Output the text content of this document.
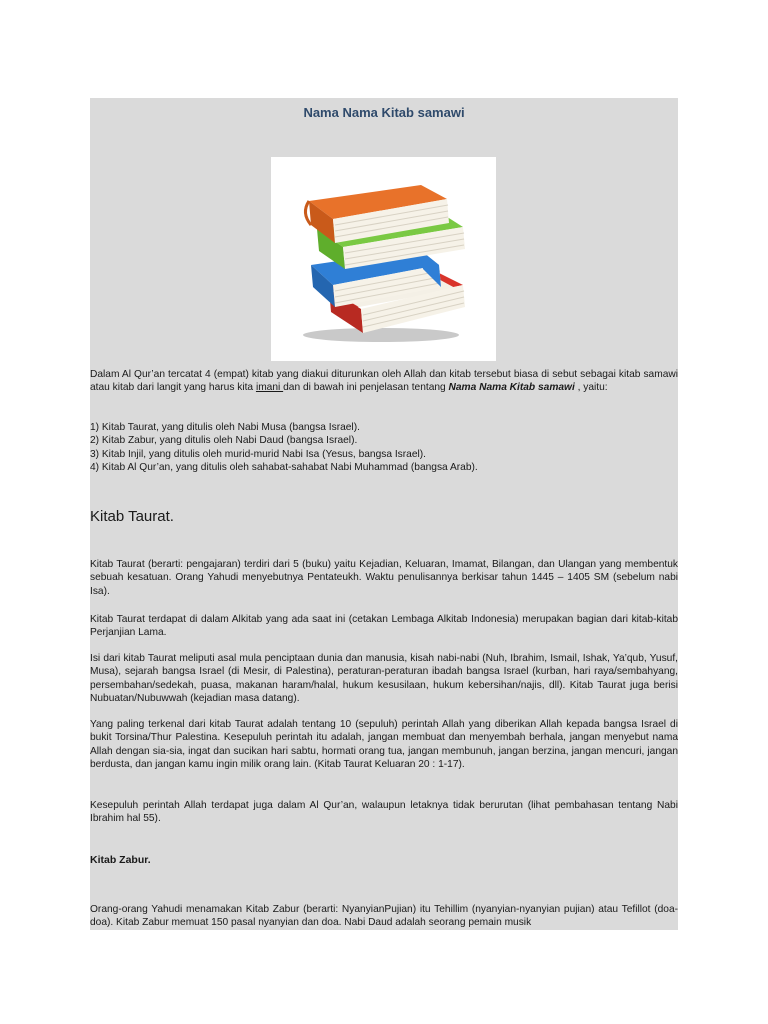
Nama Nama Kitab samawi

Dalam Al Qur’an tercatat 4 (empat) kitab yang diakui diturunkan oleh Allah dan kitab tersebut biasa di sebut sebagai kitab samawi atau kitab dari langit yang harus kita imani dan di bawah ini penjelasan tentang Nama Nama Kitab samawi , yaitu:

1) Kitab Taurat, yang ditulis oleh Nabi Musa (bangsa Israel).
2) Kitab Zabur, yang ditulis oleh Nabi Daud (bangsa Israel).
3) Kitab Injil, yang ditulis oleh murid-murid Nabi Isa (Yesus, bangsa Israel).
4) Kitab Al Qur’an, yang ditulis oleh sahabat-sahabat Nabi Muhammad (bangsa Arab).
Kitab Taurat.

Kitab Taurat (berarti: pengajaran) terdiri dari 5 (buku) yaitu Kejadian, Keluaran, Imamat, Bilangan, dan Ulangan yang membentuk sebuah kesatuan. Orang Yahudi menyebutnya Pentateukh. Waktu penulisannya berkisar tahun 1445 – 1405 SM (sebelum nabi Isa).

Kitab Taurat terdapat di dalam Alkitab yang ada saat ini (cetakan Lembaga Alkitab Indonesia) merupakan bagian dari kitab-kitab Perjanjian Lama.

Isi dari kitab Taurat meliputi asal mula penciptaan dunia dan manusia, kisah nabi-nabi (Nuh, Ibrahim, Ismail, Ishak, Ya’qub, Yusuf, Musa), sejarah bangsa Israel (di Mesir, di Palestina), peraturan-peraturan ibadah bangsa Israel (kurban, hari raya/sembahyang, persembahan/sedekah, puasa, makanan haram/halal, hukum kesusilaan, hukum kebersihan/najis, dll). Kitab Taurat juga berisi Nubuatan/Nubuwwah (kejadian masa datang).

Yang paling terkenal dari kitab Taurat adalah tentang 10 (sepuluh) perintah Allah yang diberikan Allah kepada bangsa Israel di bukit Torsina/Thur Palestina. Kesepuluh perintah itu adalah, jangan membuat dan menyembah berhala, jangan menyebut nama Allah dengan sia-sia, ingat dan sucikan hari sabtu, hormati orang tua, jangan membunuh, jangan berzina, jangan mencuri, jangan berdusta, dan jangan kamu ingin milik orang lain. (Kitab Taurat Keluaran 20 : 1-17).

Kesepuluh perintah Allah terdapat juga dalam Al Qur’an, walaupun letaknya tidak berurutan (lihat pembahasan tentang Nabi Ibrahim hal 55).

Kitab Zabur.

Orang-orang Yahudi menamakan Kitab Zabur (berarti: NyanyianPujian) itu Tehillim (nyanyian-nyanyian pujian) atau Tefillot (doa-doa). Kitab Zabur memuat 150 pasal nyanyian dan doa. Nabi Daud adalah seorang pemain musik
